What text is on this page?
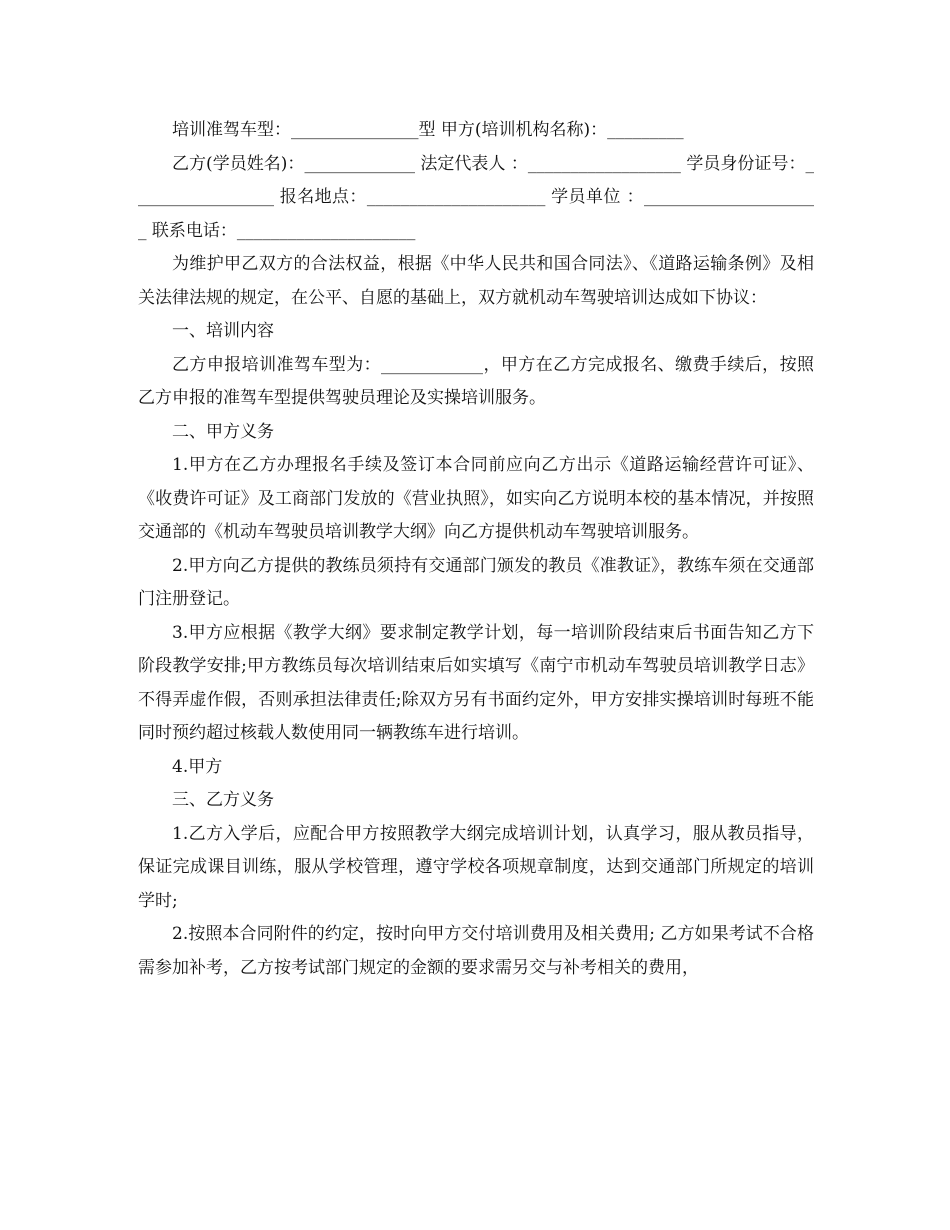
培训准驾车型：_______________型 甲方(培训机构名称)：_________

乙方(学员姓名)：_____________ 法定代表人 ：__________________ 学员身份证号：_________________ 报名地点：_____________________ 学员单位 ：_____________________ 联系电话：_____________________

为维护甲乙双方的合法权益，根据《中华人民共和国合同法》、《道路运输条例》及相关法律法规的规定，在公平、自愿的基础上，双方就机动车驾驶培训达成如下协议：

一、培训内容

乙方申报培训准驾车型为：____________，甲方在乙方完成报名、缴费手续后，按照乙方申报的准驾车型提供驾驶员理论及实操培训服务。

二、甲方义务

1.甲方在乙方办理报名手续及签订本合同前应向乙方出示《道路运输经营许可证》、《收费许可证》及工商部门发放的《营业执照》，如实向乙方说明本校的基本情况，并按照交通部的《机动车驾驶员培训教学大纲》向乙方提供机动车驾驶培训服务。

2.甲方向乙方提供的教练员须持有交通部门颁发的教员《准教证》，教练车须在交通部门注册登记。

3.甲方应根据《教学大纲》要求制定教学计划，每一培训阶段结束后书面告知乙方下阶段教学安排;甲方教练员每次培训结束后如实填写《南宁市机动车驾驶员培训教学日志》不得弄虚作假，否则承担法律责任;除双方另有书面约定外，甲方安排实操培训时每班不能同时预约超过核载人数使用同一辆教练车进行培训。

4.甲方

三、乙方义务

1.乙方入学后，应配合甲方按照教学大纲完成培训计划，认真学习，服从教员指导，保证完成课目训练，服从学校管理，遵守学校各项规章制度，达到交通部门所规定的培训学时;

2.按照本合同附件的约定，按时向甲方交付培训费用及相关费用; 乙方如果考试不合格需参加补考，乙方按考试部门规定的金额的要求需另交与补考相关的费用，
